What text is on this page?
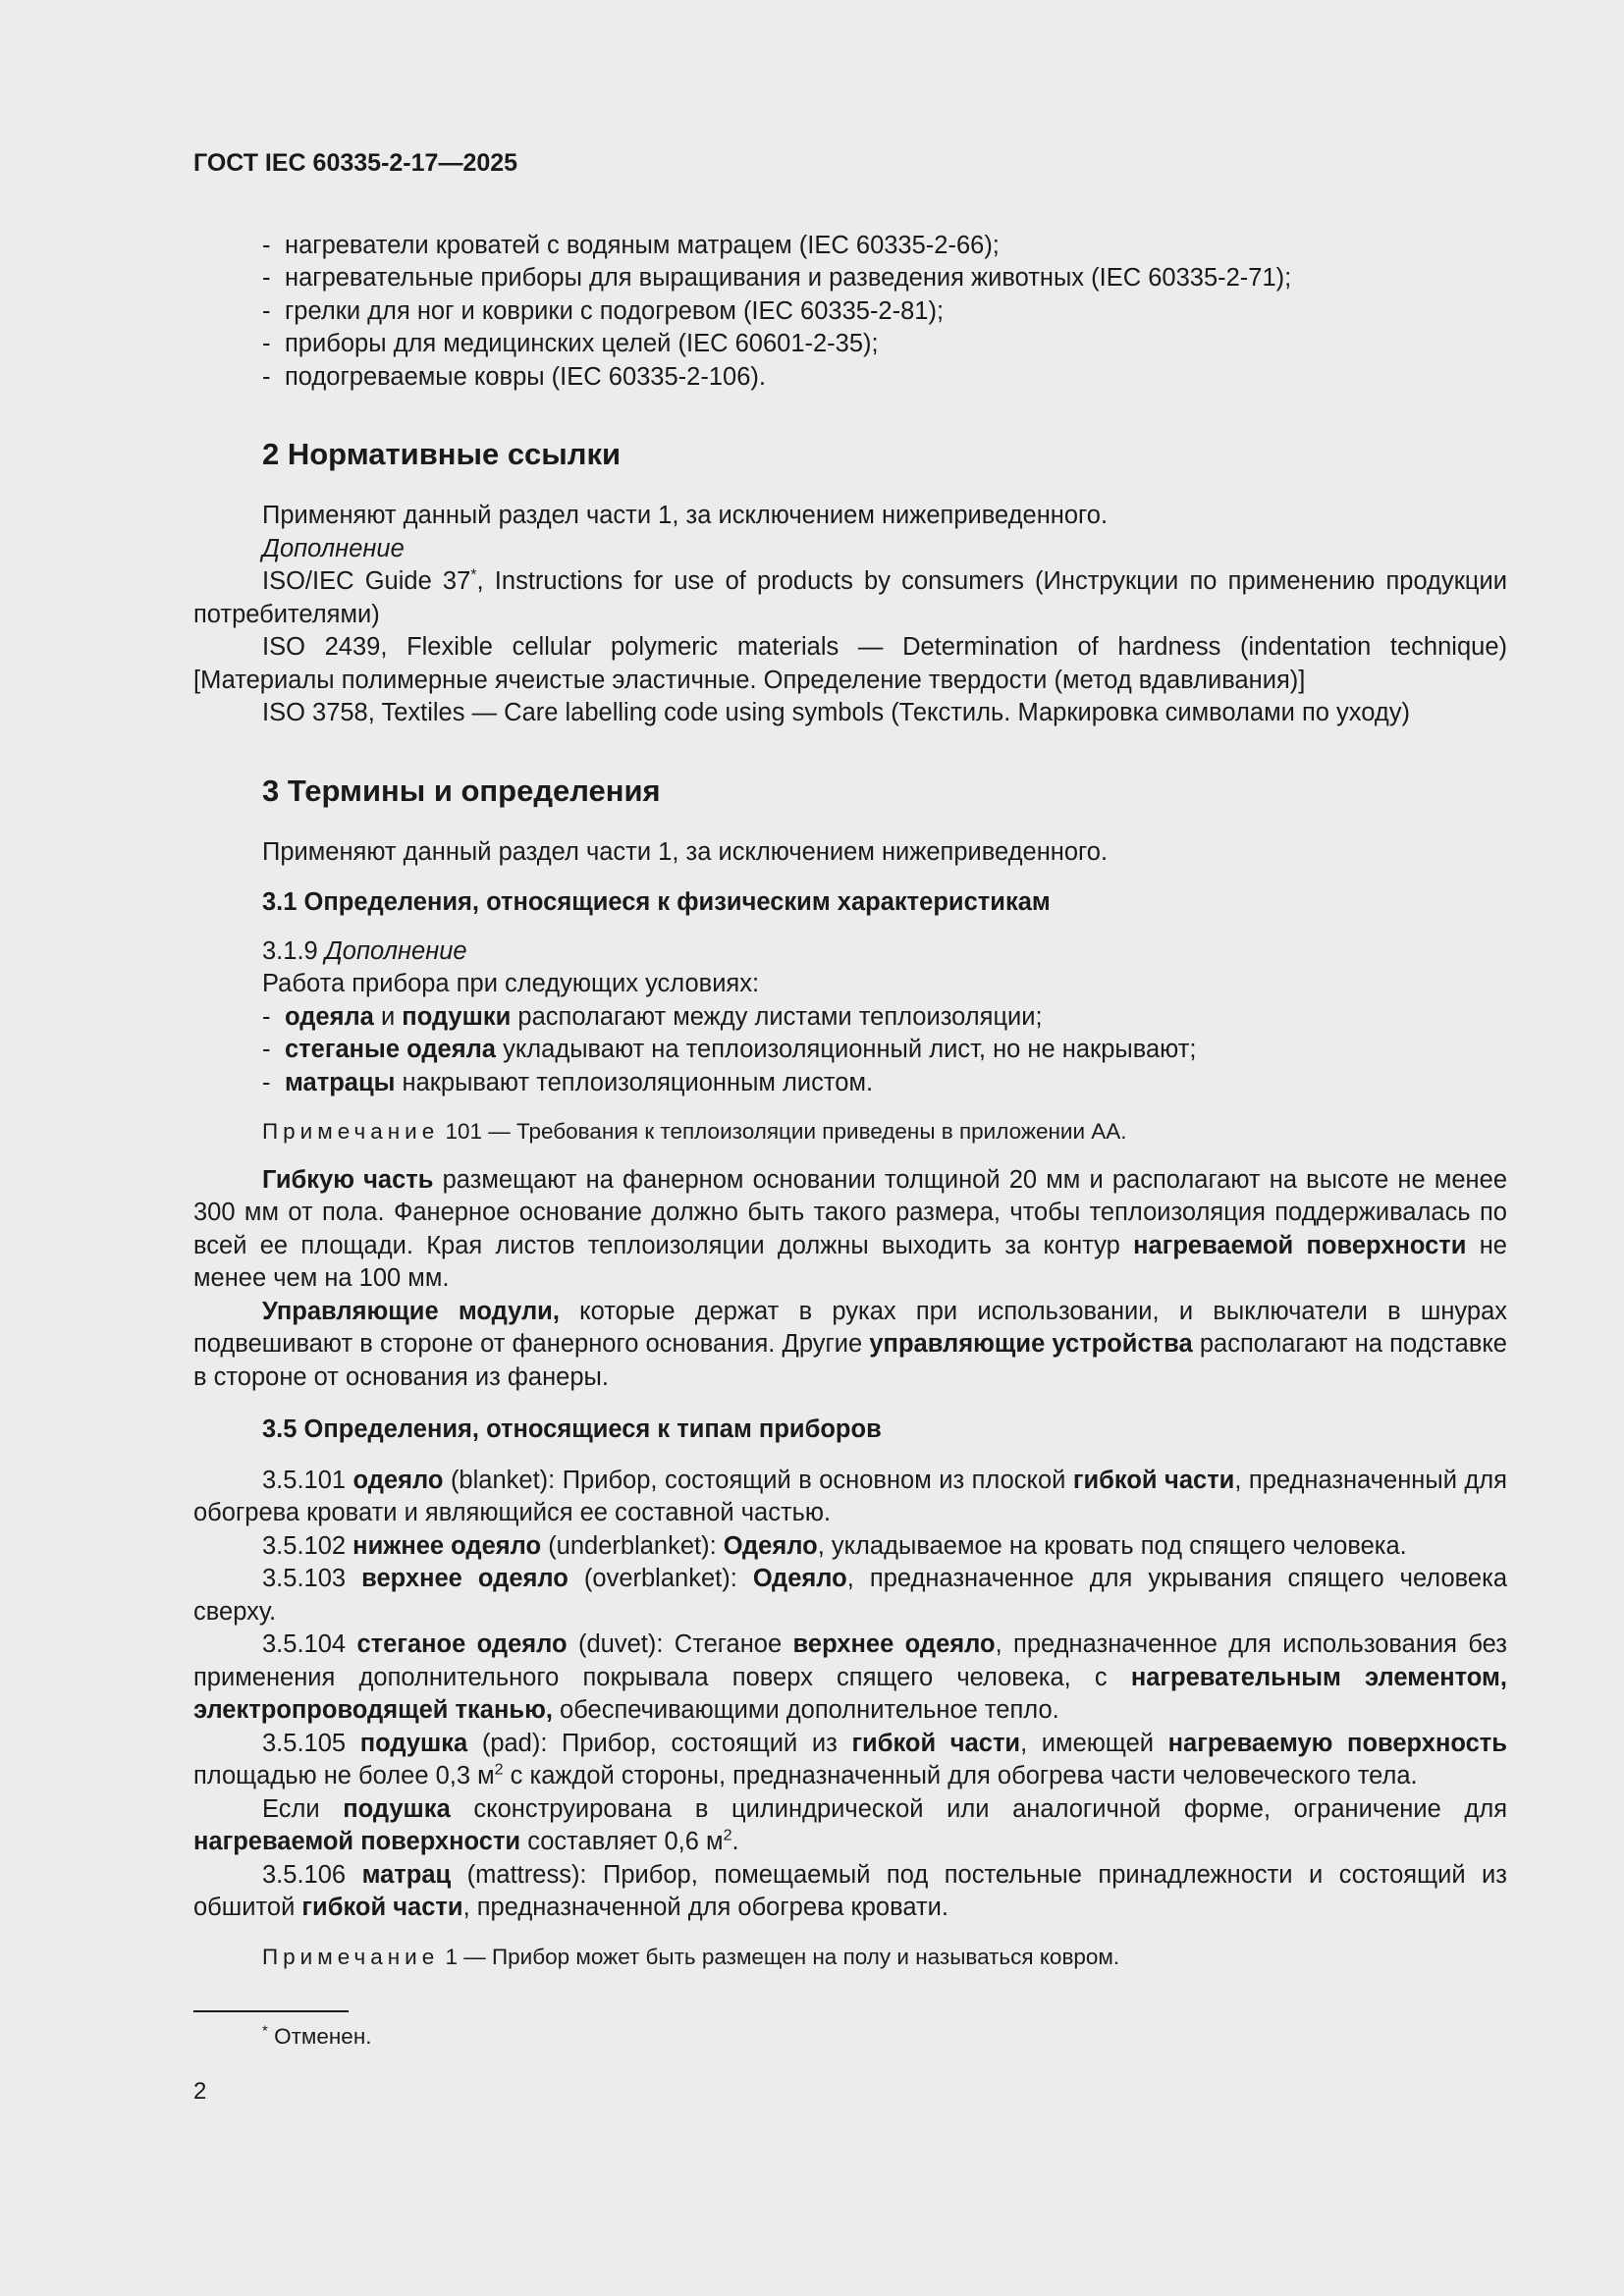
ГОСТ IEC 60335-2-17—2025
- нагреватели кроватей с водяным матрацем (IEC 60335-2-66);
- нагревательные приборы для выращивания и разведения животных (IEC 60335-2-71);
- грелки для ног и коврики с подогревом (IEC 60335-2-81);
- приборы для медицинских целей (IEC 60601-2-35);
- подогреваемые ковры (IEC 60335-2-106).
2 Нормативные ссылки

Применяют данный раздел части 1, за исключением нижеприведенного.

Дополнение

ISO/IEC Guide 37*, Instructions for use of products by consumers (Инструкции по применению продукции потребителями)

ISO 2439, Flexible cellular polymeric materials — Determination of hardness (indentation technique) [Материалы полимерные ячеистые эластичные. Определение твердости (метод вдавливания)]

ISO 3758, Textiles — Care labelling code using symbols (Текстиль. Маркировка символами по уходу)

3 Термины и определения

Применяют данный раздел части 1, за исключением нижеприведенного.

3.1 Определения, относящиеся к физическим характеристикам

3.1.9 Дополнение

Работа прибора при следующих условиях:

- одеяла и подушки располагают между листами теплоизоляции;
- стеганые одеяла укладывают на теплоизоляционный лист, но не накрывают;
- матрацы накрывают теплоизоляционным листом.
Примечание 101 — Требования к теплоизоляции приведены в приложении АА.

Гибкую часть размещают на фанерном основании толщиной 20 мм и располагают на высоте не менее 300 мм от пола. Фанерное основание должно быть такого размера, чтобы теплоизоляция поддерживалась по всей ее площади. Края листов теплоизоляции должны выходить за контур нагреваемой поверхности не менее чем на 100 мм.

Управляющие модули, которые держат в руках при использовании, и выключатели в шнурах подвешивают в стороне от фанерного основания. Другие управляющие устройства располагают на подставке в стороне от основания из фанеры.

3.5 Определения, относящиеся к типам приборов

3.5.101 одеяло (blanket): Прибор, состоящий в основном из плоской гибкой части, предназначенный для обогрева кровати и являющийся ее составной частью.

3.5.102 нижнее одеяло (underblanket): Одеяло, укладываемое на кровать под спящего человека.

3.5.103 верхнее одеяло (overblanket): Одеяло, предназначенное для укрывания спящего человека сверху.

3.5.104 стеганое одеяло (duvet): Стеганое верхнее одеяло, предназначенное для использования без применения дополнительного покрывала поверх спящего человека, с нагревательным элементом, электропроводящей тканью, обеспечивающими дополнительное тепло.

3.5.105 подушка (pad): Прибор, состоящий из гибкой части, имеющей нагреваемую поверхность площадью не более 0,3 $м^2$ с каждой стороны, предназначенный для обогрева части человеческого тела.

Если подушка сконструирована в цилиндрической или аналогичной форме, ограничение для нагреваемой поверхности составляет 0,6 $м^2$.

3.5.106 матрац (mattress): Прибор, помещаемый под постельные принадлежности и состоящий из обшитой гибкой части, предназначенной для обогрева кровати.

Примечание 1 — Прибор может быть размещен на полу и называться ковром.
* Отменен.
2
